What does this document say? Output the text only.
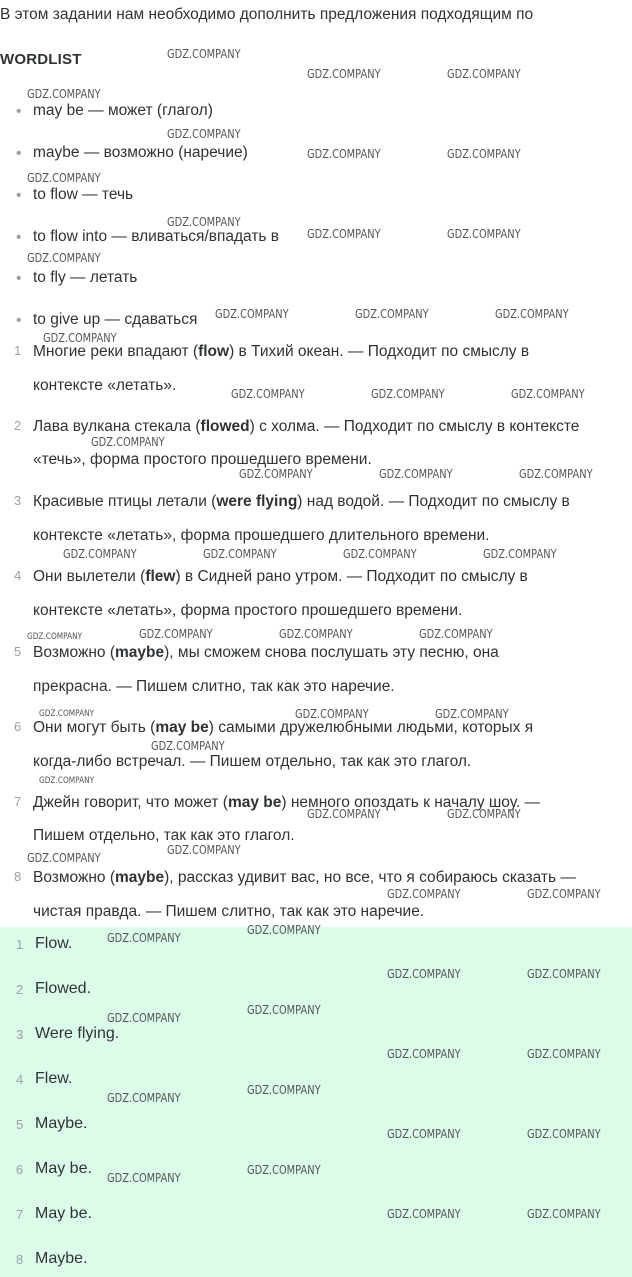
В этом задании нам необходимо дополнить предложения подходящим по
WORDLIST
• may be — может (глагол)
• maybe — возможно (наречие)
• to flow — течь
• to flow into — вливаться/впадать в
• to fly — летать
• to give up — сдаваться
1 Многие реки впадают (flow) в Тихий океан. — Подходит по смыслу в
контексте «летать».
2 Лава вулкана стекала (flowed) с холма. — Подходит по смыслу в контексте
«течь», форма простого прошедшего времени.
3 Красивые птицы летали (were flying) над водой. — Подходит по смыслу в
контексте «летать», форма прошедшего длительного времени.
4 Они вылетели (flew) в Сидней рано утром. — Подходит по смыслу в
контексте «летать», форма простого прошедшего времени.
5 Возможно (maybe), мы сможем снова послушать эту песню, она
прекрасна. — Пишем слитно, так как это наречие.
6 Они могут быть (may be) самыми дружелюбными людьми, которых я
когда-либо встречал. — Пишем отдельно, так как это глагол.
7 Джейн говорит, что может (may be) немного опоздать к началу шоу. —
Пишем отдельно, так как это глагол.
8 Возможно (maybe), рассказ удивит вас, но все, что я собираюсь сказать —
чистая правда. — Пишем слитно, так как это наречие.
1 Flow.
2 Flowed.
3 Were flying.
4 Flew.
5 Maybe.
6 May be.
7 May be.
8 Maybe.
GDZ.COMPANY
GDZ.COMPANY	GDZ.COMPANY
GDZ.COMPANY
GDZ.COMPANY
GDZ.COMPANY	GDZ.COMPANY
GDZ.COMPANY
GDZ.COMPANY
GDZ.COMPANY	GDZ.COMPANY
GDZ.COMPANY
GDZ.COMPANY	GDZ.COMPANY	GDZ.COMPANY
GDZ.COMPANY
GDZ.COMPANY	GDZ.COMPANY	GDZ.COMPANY
GDZ.COMPANY
GDZ.COMPANY	GDZ.COMPANY	GDZ.COMPANY
GDZ.COMPANY	GDZ.COMPANY	GDZ.COMPANY	GDZ.COMPANY
GDZ.COMPANY	GDZ.COMPANY	GDZ.COMPANY	GDZ.COMPANY
GDZ.COMPANY	GDZ.COMPANY	GDZ.COMPANY
GDZ.COMPANY
GDZ.COMPANY
GDZ.COMPANY	GDZ.COMPANY
GDZ.COMPANY
GDZ.COMPANY
GDZ.COMPANY	GDZ.COMPANY
GDZ.COMPANY
GDZ.COMPANY
GDZ.COMPANY	GDZ.COMPANY
GDZ.COMPANY
GDZ.COMPANY
GDZ.COMPANY	GDZ.COMPANY
GDZ.COMPANY
GDZ.COMPANY
GDZ.COMPANY	GDZ.COMPANY
GDZ.COMPANY
GDZ.COMPANY
GDZ.COMPANY	GDZ.COMPANY
